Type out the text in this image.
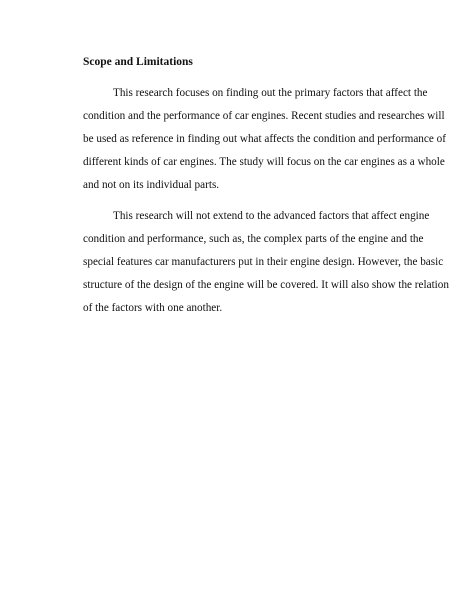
Scope and Limitations
This research focuses on finding out the primary factors that affect the
condition and the performance of car engines. Recent studies and researches will
be used as reference in finding out what affects the condition and performance of
different kinds of car engines. The study will focus on the car engines as a whole
and not on its individual parts.
This research will not extend to the advanced factors that affect engine
condition and performance, such as, the complex parts of the engine and the
special features car manufacturers put in their engine design. However, the basic
structure of the design of the engine will be covered. It will also show the relation
of the factors with one another.
